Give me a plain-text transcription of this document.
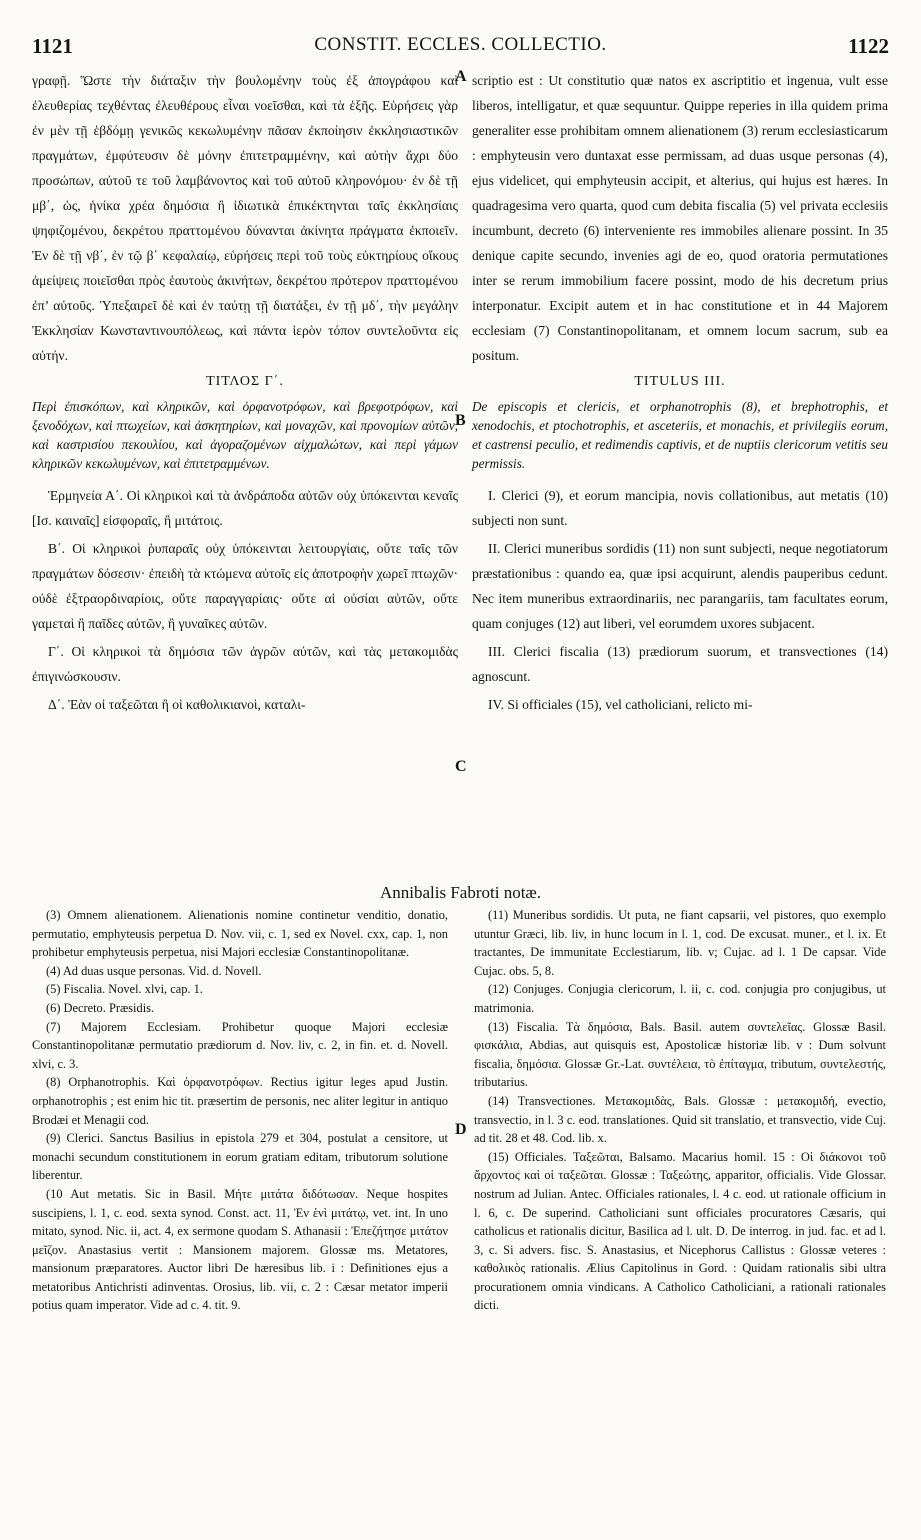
1121	CONSTIT. ECCLES. COLLECTIO.	1122

γραφῇ. Ὥστε τὴν διάταξιν τὴν βουλομένην τοὺς ἐξ ἀπογράφου καὶ ἐλευθερίας τεχθέντας ἐλευθέρους εἶναι νοεῖσθαι, καὶ τὰ ἑξῆς. Εὑρήσεις γὰρ ἐν μὲν τῇ ἑβδόμῃ γενικῶς κεκωλυμένην πᾶσαν ἐκποίησιν ἐκκλησιαστικῶν πραγμάτων, ἐμφύτευσιν δὲ μόνην ἐπιτετραμμένην, καὶ αὐτὴν ἄχρι δύο προσώπων, αὐτοῦ τε τοῦ λαμβάνοντος καὶ τοῦ αὐτοῦ κληρονόμου· ἐν δὲ τῇ μβ΄, ὡς, ἡνίκα χρέα δημόσια ἢ ἰδιωτικὰ ἐπικέκτηνται ταῖς ἐκκλησίαις ψηφιζομένου, δεκρέτου πραττομένου δύνανται ἀκίνητα πράγματα ἐκποιεῖν. Ἐν δὲ τῇ νβ΄, ἐν τῷ β΄ κεφαλαίῳ, εὑρήσεις περὶ τοῦ τοὺς εὐκτηρίους οἴκους ἀμείψεις ποιεῖσθαι πρὸς ἑαυτοὺς ἀκινήτων, δεκρέτου πρότερον πραττομένου ἐπ’ αὐτοῦς. Ὑπεξαιρεῖ δὲ καὶ ἐν ταύτῃ τῇ διατάξει, ἐν τῇ μδ΄, τὴν μεγάλην Ἐκκλησίαν Κωνσταντινουπόλεως, καὶ πάντα ἱερὸν τόπον συντελοῦντα εἰς αὐτήν.

ΤΙΤΛΟΣ Γ΄.

Περὶ ἐπισκόπων, καὶ κληρικῶν, καὶ ὀρφανοτρόφων, καὶ βρεφοτρόφων, καὶ ξενοδόχων, καὶ πτωχείων, καὶ ἀσκητηρίων, καὶ μοναχῶν, καὶ προνομίων αὐτῶν, καὶ καστρισίου πεκουλίου, καὶ ἀγοραζομένων αἰχμαλώτων, καὶ περὶ γάμων κληρικῶν κεκωλυμένων, καὶ ἐπιτετραμμένων.

Ἑρμηνεία Α΄. Οἱ κληρικοὶ καὶ τὰ ἀνδράποδα αὐτῶν οὐχ ὑπόκεινται κεναῖς [Ισ. καιναῖς] εἰσφοραῖς, ἢ μιτάτοις.

Β΄. Οἱ κληρικοὶ ῥυπαραῖς οὐχ ὑπόκεινται λειτουργίαις, οὔτε ταῖς τῶν πραγμάτων δόσεσιν· ἐπειδὴ τὰ κτώμενα αὐτοῖς εἰς ἀποτροφὴν χωρεῖ πτωχῶν· οὐδὲ ἐξτραορδιναρίοις, οὔτε παραγγαρίαις· οὔτε αἱ οὐσίαι αὐτῶν, οὔτε γαμεταὶ ἢ παῖδες αὐτῶν, ἢ γυναῖκες αὐτῶν.

Γ΄. Οἱ κληρικοὶ τὰ δημόσια τῶν ἀγρῶν αὐτῶν, καὶ τὰς μετακομιδὰς ἐπιγινώσκουσιν.

Δ΄. Ἐὰν οἱ ταξεῶται ἢ οἱ καθολικιανοὶ, καταλι-

A
B
C
D

scriptio est : Ut constitutio quæ natos ex ascriptitio et ingenua, vult esse liberos, intelligatur, et quæ sequuntur. Quippe reperies in illa quidem prima generaliter esse prohibitam omnem alienationem (3) rerum ecclesiasticarum : emphyteusin vero duntaxat esse permissam, ad duas usque personas (4), ejus videlicet, qui emphyteusin accipit, et alterius, qui hujus est hæres. In quadragesima vero quarta, quod cum debita fiscalia (5) vel privata ecclesiis incumbunt, decreto (6) interveniente res immobiles alienare possint. In 35 denique capite secundo, invenies agi de eo, quod oratoria permutationes inter se rerum immobilium facere possint, modo de his decretum prius interponatur. Excipit autem et in hac constitutione et in 44 Majorem ecclesiam (7) Constantinopolitanam, et omnem locum sacrum, sub ea positum.

TITULUS III.

De episcopis et clericis, et orphanotrophis (8), et brephotrophis, et xenodochis, et ptochotrophis, et asceteriis, et monachis, et privilegiis eorum, et castrensi peculio, et redimendis captivis, et de nuptiis clericorum vetitis seu permissis.

I. Clerici (9), et eorum mancipia, novis collationibus, aut metatis (10) subjecti non sunt.

II. Clerici muneribus sordidis (11) non sunt subjecti, neque negotiatorum præstationibus : quando ea, quæ ipsi acquirunt, alendis pauperibus cedunt. Nec item muneribus extraordinariis, nec parangariis, tam facultates eorum, quam conjuges (12) aut liberi, vel eorumdem uxores subjacent.

III. Clerici fiscalia (13) prædiorum suorum, et transvectiones (14) agnoscunt.

IV. Si officiales (15), vel catholiciani, relicto mi-

Annibalis Fabroti notæ.

(3) Omnem alienationem. Alienationis nomine continetur venditio, donatio, permutatio, emphyteusis perpetua D. Nov. vii, c. 1, sed ex Novel. cxx, cap. 1, non prohibetur emphyteusis perpetua, nisi Majori ecclesiæ Constantinopolitanæ.

(4) Ad duas usque personas. Vid. d. Novell.

(5) Fiscalia. Novel. xlvi, cap. 1.

(6) Decreto. Præsidis.

(7) Majorem Ecclesiam. Prohibetur quoque Majori ecclesiæ Constantinopolitanæ permutatio prædiorum d. Nov. liv, c. 2, in fin. et. d. Novell. xlvi, c. 3.

(8) Orphanotrophis. Καὶ ὀρφανοτρόφων. Rectius igitur leges apud Justin. orphanotrophis ; est enim hic tit. præsertim de personis, nec aliter legitur in antiquo Brodæi et Menagii cod.

(9) Clerici. Sanctus Basilius in epistola 279 et 304, postulat a censitore, ut monachi secundum constitutionem in eorum gratiam editam, tributorum solutione liberentur.

(10 Aut metatis. Sic in Basil. Μήτε μιτάτα διδότωσαν. Neque hospites suscipiens, l. 1, c. eod. sexta synod. Const. act. 11, Ἐν ἑνὶ μιτάτῳ, vet. int. In uno mitato, synod. Nic. ii, act. 4, ex sermone quodam S. Athanasii : Ἐπεζήτησε μιτάτον μεῖζον. Anastasius vertit : Mansionem majorem. Glossæ ms. Metatores, mansionum præparatores. Auctor libri De hæresibus lib. i : Definitiones ejus a metatoribus Antichristi adinventas. Orosius, lib. vii, c. 2 : Cæsar metator imperii potius quam imperator. Vide ad c. 4. tit. 9.

(11) Muneribus sordidis. Ut puta, ne fiant capsarii, vel pistores, quo exemplo utuntur Græci, lib. liv, in hunc locum in l. 1, cod. De excusat. muner., et l. ix. Et tractantes, De immunitate Ecclestiarum, lib. v; Cujac. ad l. 1 De capsar. Vide Cujac. obs. 5, 8.

(12) Conjuges. Conjugia clericorum, l. ii, c. cod. conjugia pro conjugibus, ut matrimonia.

(13) Fiscalia. Τὰ δημόσια, Bals. Basil. autem συντελεῖας. Glossæ Basil. φισκάλια, Abdias, aut quisquis est, Apostolicæ historiæ lib. v : Dum solvunt fiscalia, δημόσια. Glossæ Gr.-Lat. συντέλεια, τὸ ἐπίταγμα, tributum, συντελεστής, tributarius.

(14) Transvectiones. Μετακομιδὰς, Bals. Glossæ : μετακομιδή, evectio, transvectio, in l. 3 c. eod. translationes. Quid sit translatio, et transvectio, vide Cuj. ad tit. 28 et 48. Cod. lib. x.

(15) Officiales. Ταξεῶται, Balsamo. Macarius homil. 15 : Οἱ διάκονοι τοῦ ἄρχοντος καὶ οἱ ταξεῶται. Glossæ : Ταξεώτης, apparitor, officialis. Vide Glossar. nostrum ad Julian. Antec. Officiales rationales, l. 4 c. eod. ut rationale officium in l. 6, c. De superind. Catholiciani sunt officiales procuratores Cæsaris, qui catholicus et rationalis dicitur, Basilica ad l. ult. D. De interrog. in jud. fac. et ad l. 3, c. Si advers. fisc. S. Anastasius, et Nicephorus Callistus : Glossæ veteres : καθολικὸς rationalis. Ælius Capitolinus in Gord. : Quidam rationalis sibi ultra procurationem omnia vindicans. A Catholico Catholiciani, a rationali rationales dicti.
